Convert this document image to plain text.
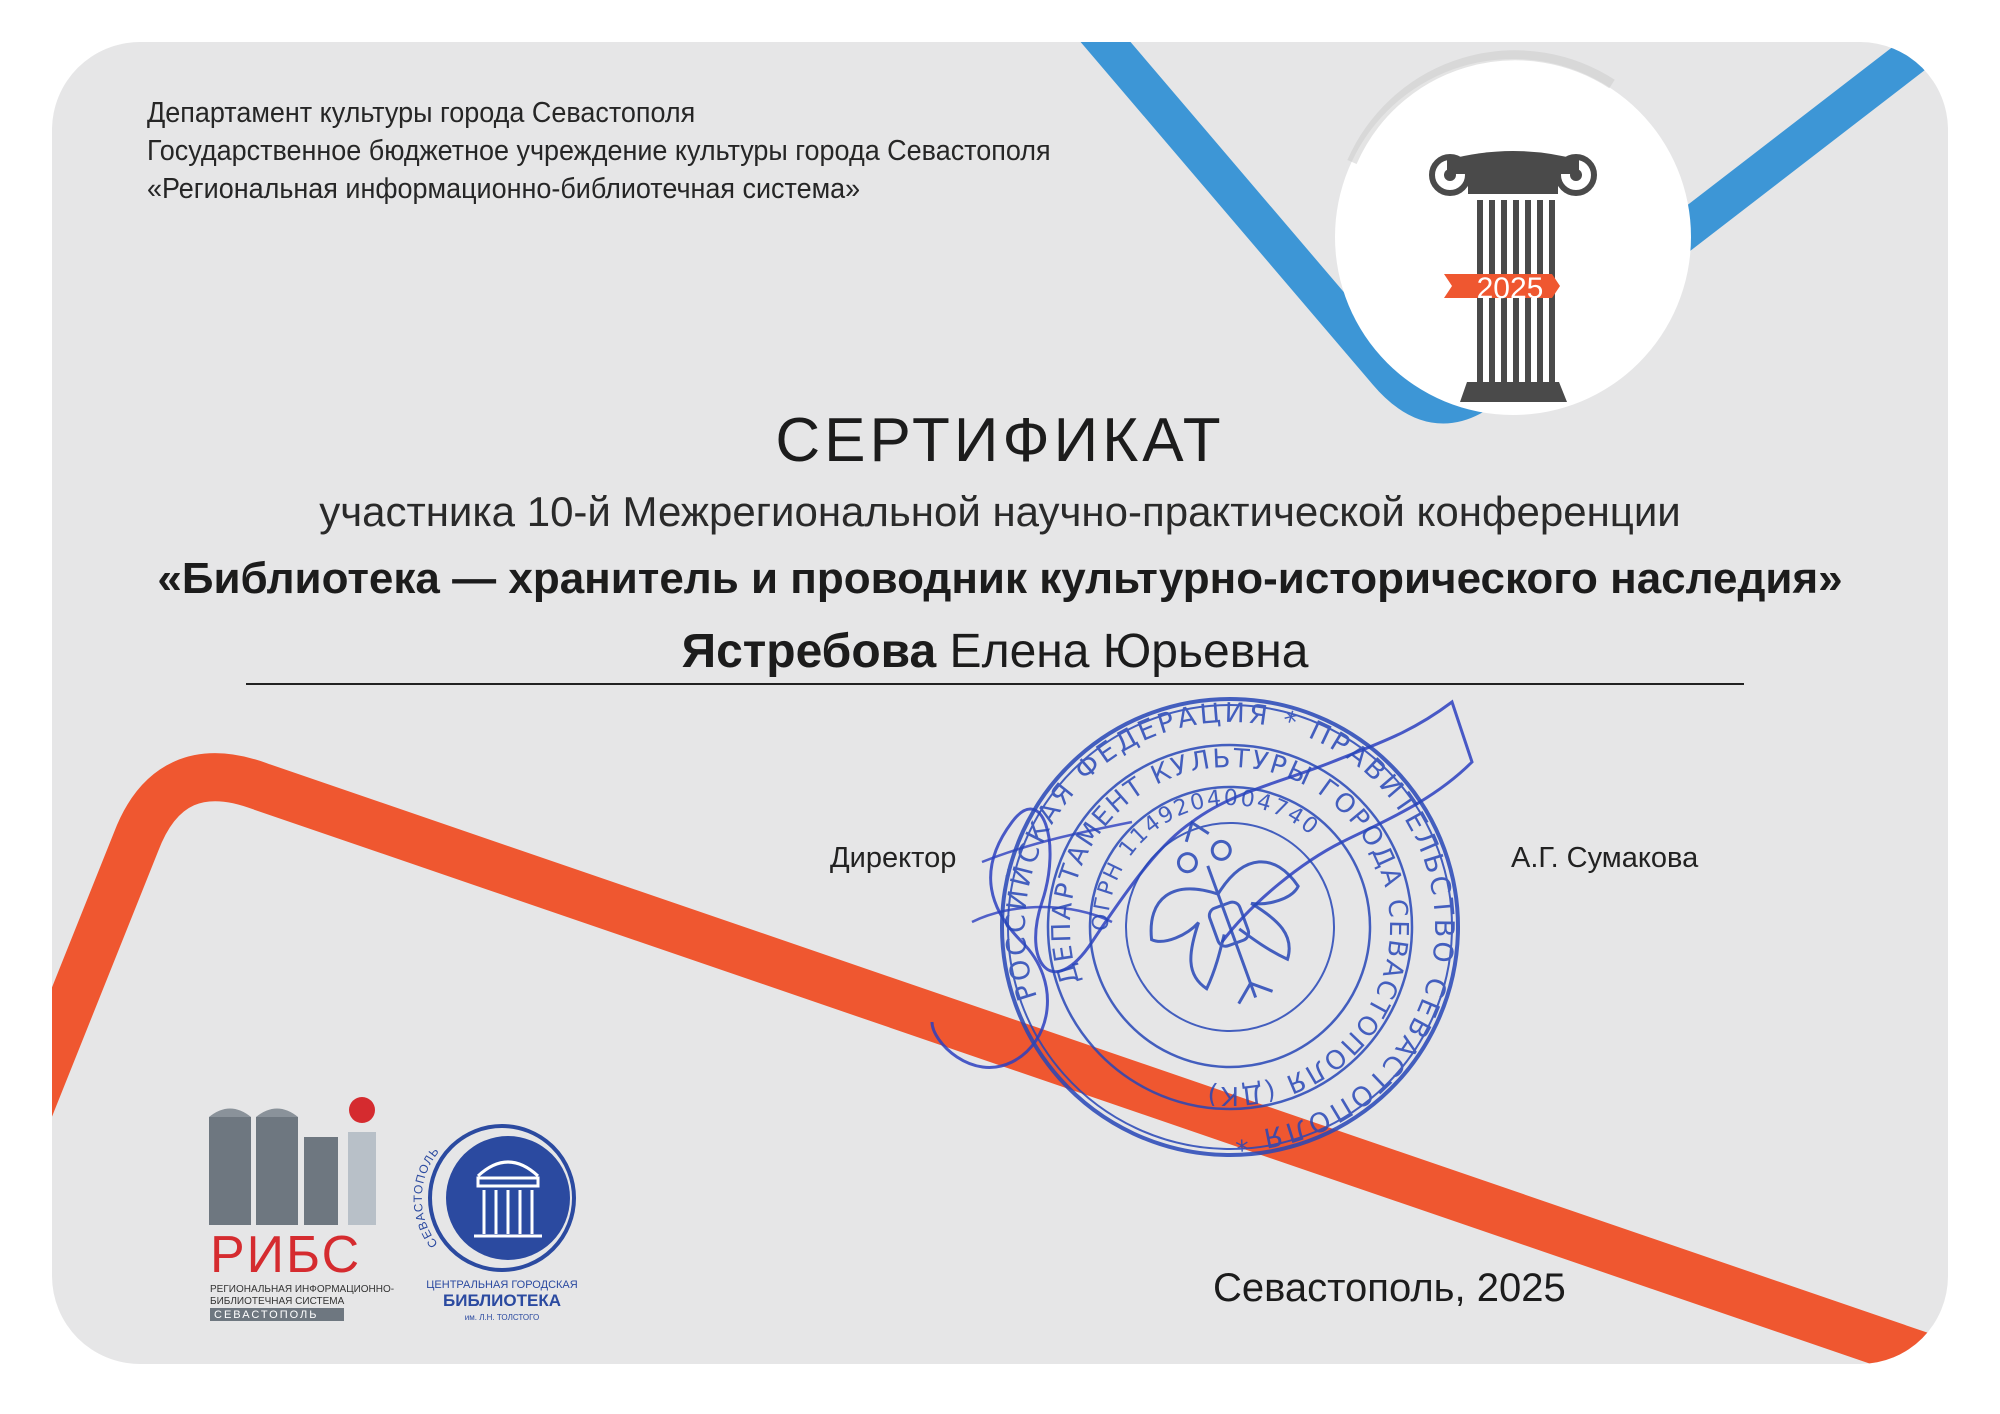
2025
РОССИЙСКАЯ ФЕДЕРАЦИЯ * ПРАВИТЕЛЬСТВО СЕВАСТОПОЛЯ *
ДЕПАРТАМЕНТ КУЛЬТУРЫ ГОРОДА СЕВАСТОПОЛЯ (ДК)
ОГРН 1149204004740
РИБС
РЕГИОНАЛЬНАЯ ИНФОРМАЦИОННО-
БИБЛИОТЕЧНАЯ СИСТЕМА
СЕВАСТОПОЛЬ
СЕВАСТОПОЛЬ
ЦЕНТРАЛЬНАЯ ГОРОДСКАЯ
БИБЛИОТЕКА
им. Л.Н. ТОЛСТОГО
Департамент культуры города Севастополя
Государственное бюджетное учреждение культуры города Севастополя
«Региональная информационно-библиотечная система»
СЕРТИФИКАТ
участника 10-й Межрегиональной научно-практической конференции
«Библиотека — хранитель и проводник культурно-исторического наследия»
Ястребова Елена Юрьевна
Директор	А.Г. Сумакова
Севастополь, 2025
